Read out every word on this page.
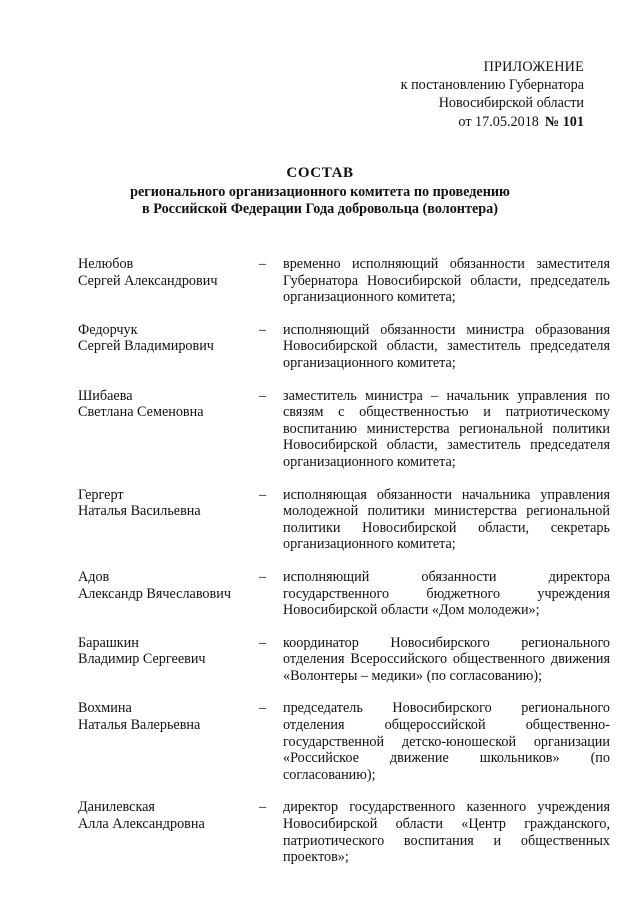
ПРИЛОЖЕНИЕ
к постановлению Губернатора
Новосибирской области
от 17.05.2018 № 101
СОСТАВ
регионального организационного комитета по проведению
в Российской Федерации Года добровольца (волонтера)
Нелюбов
Сергей Александрович
–	временно исполняющий обязанности заместителя Губернатора Новосибирской области, председатель организационного комитета;
Федорчук
Сергей Владимирович
–	исполняющий обязанности министра образования Новосибирской области, заместитель председателя организационного комитета;
Шибаева
Светлана Семеновна
–	заместитель министра – начальник управления по связям с общественностью и патриотическому воспитанию министерства региональной политики Новосибирской области, заместитель председателя организационного комитета;
Гергерт
Наталья Васильевна
–	исполняющая обязанности начальника управления молодежной политики министерства региональной политики Новосибирской области, секретарь организационного комитета;
Адов
Александр Вячеславович
–	исполняющий обязанности директора государственного бюджетного учреждения Новосибирской области «Дом молодежи»;
Барашкин
Владимир Сергеевич
–	координатор Новосибирского регионального отделения Всероссийского общественного движения «Волонтеры – медики» (по согласованию);
Вохмина
Наталья Валерьевна
–	председатель Новосибирского регионального отделения общероссийской общественно-государственной детско-юношеской организации «Российское движение школьников» (по согласованию);
Данилевская
Алла Александровна
–	директор государственного казенного учреждения Новосибирской области «Центр гражданского, патриотического воспитания и общественных проектов»;
